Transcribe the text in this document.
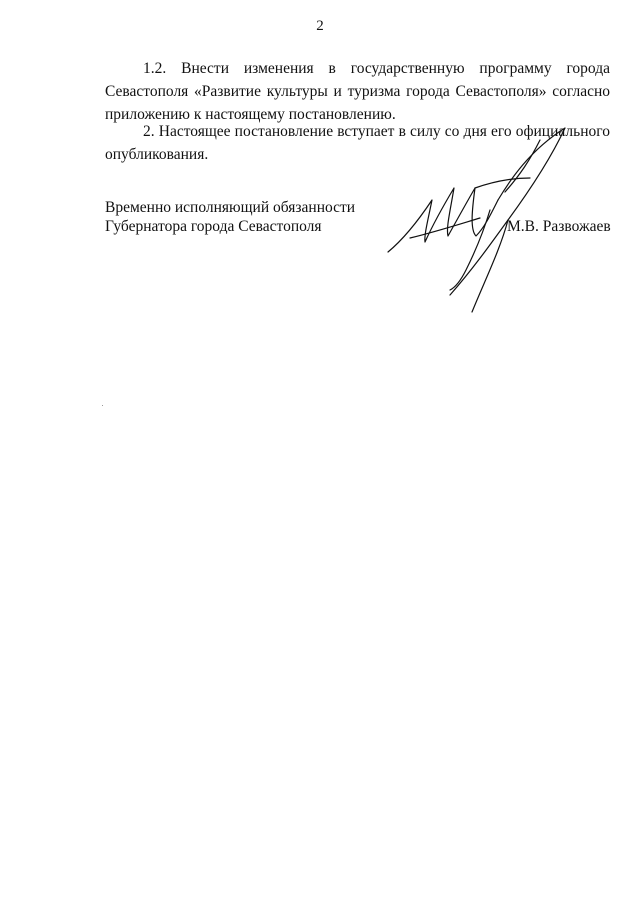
2

1.2. Внести изменения в государственную программу города Севастополя «Развитие культуры и туризма города Севастополя» согласно приложению к настоящему постановлению.

2. Настоящее постановление вступает в силу со дня его официального опубликования.

Временно исполняющий обязанности
Губернатора города Севастополя	М.В. Развожаев
